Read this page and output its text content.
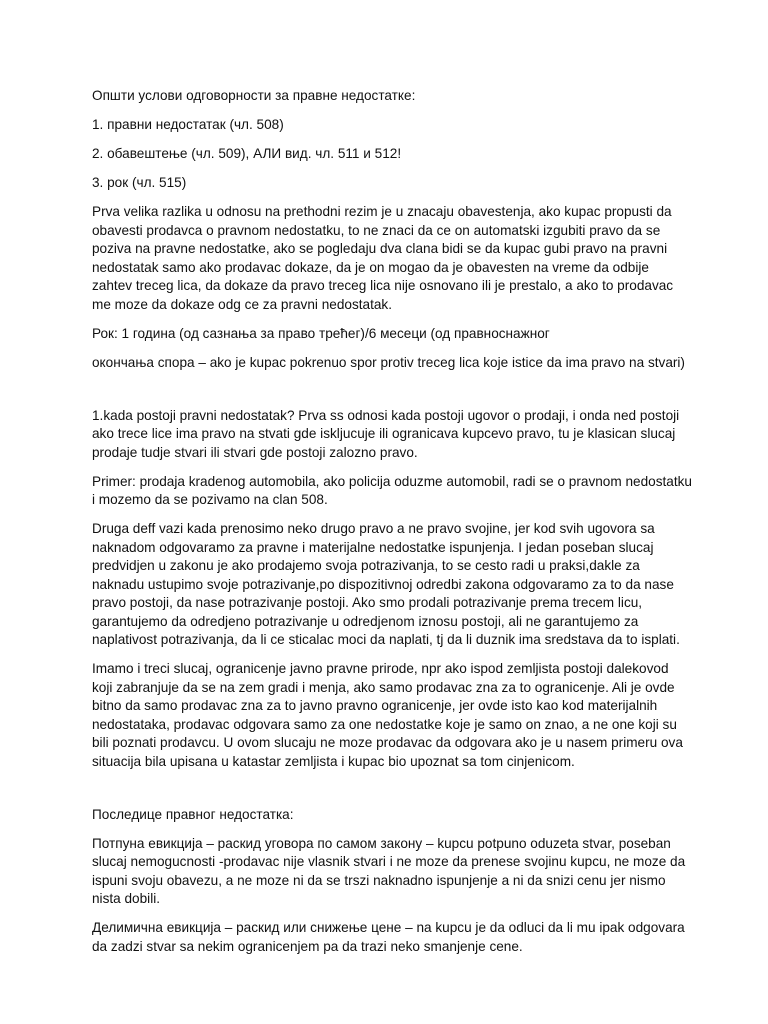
Општи услови одговорности за правне недостатке:

1. правни недостатак (чл. 508)

2. обавештење (чл. 509), АЛИ вид. чл. 511 и 512!

3. рок (чл. 515)

Prva velika razlika u odnosu na prethodni rezim je u znacaju obavestenja, ako kupac propusti da obavesti prodavca o pravnom nedostatku, to ne znaci da ce on automatski izgubiti pravo da se poziva na pravne nedostatke, ako se pogledaju dva clana bidi se da kupac gubi pravo na pravni nedostatak samo ako prodavac dokaze, da je on mogao da je obavesten na vreme da odbije zahtev treceg lica, da dokaze da pravo treceg lica nije osnovano ili je prestalo, a ako to prodavac me moze da dokaze odg ce za pravni nedostatak.

Рок: 1 година (од сазнања за право трећег)/6 месеци (од правноснажног

окончања спора – ako je kupac pokrenuo spor protiv treceg lica koje istice da ima pravo na stvari)

1.kada postoji pravni nedostatak? Prva ss odnosi kada postoji ugovor o prodaji, i onda ned postoji ako trece lice ima pravo na stvati gde iskljucuje ili ogranicava kupcevo pravo, tu je klasican slucaj prodaje tudje stvari ili stvari gde postoji zalozno pravo.

Primer: prodaja kradenog automobila, ako policija oduzme automobil, radi se o pravnom nedostatku i mozemo da se pozivamo na clan 508.

Druga deff vazi kada prenosimo neko drugo pravo a ne pravo svojine, jer kod svih ugovora sa naknadom odgovaramo za pravne i materijalne nedostatke ispunjenja. I jedan poseban slucaj predvidjen u zakonu je ako prodajemo svoja potrazivanja, to se cesto radi u praksi,dakle za naknadu ustupimo svoje potrazivanje,po dispozitivnoj odredbi zakona odgovaramo za to da nase pravo postoji, da nase potrazivanje postoji. Ako smo prodali potrazivanje prema trecem licu, garantujemo da odredjeno potrazivanje u odredjenom iznosu postoji, ali ne garantujemo za naplativost potrazivanja, da li ce sticalac moci da naplati, tj da li duznik ima sredstava da to isplati.

Imamo i treci slucaj, ogranicenje javno pravne prirode, npr ako ispod zemljista postoji dalekovod koji zabranjuje da se na zem gradi i menja, ako samo prodavac zna za to ogranicenje. Ali je ovde bitno da samo prodavac zna za to javno pravno ogranicenje, jer ovde isto kao kod materijalnih nedostataka, prodavac odgovara samo za one nedostatke koje je samo on znao, a ne one koji su bili poznati prodavcu. U ovom slucaju ne moze prodavac da odgovara ako je u nasem primeru ova situacija bila upisana u katastar zemljista i kupac bio upoznat sa tom cinjenicom.

Последице правног недостатка:

Потпуна евикција – раскид уговора по самом закону – kupcu potpuno oduzeta stvar, poseban slucaj nemogucnosti -prodavac nije vlasnik stvari i ne moze da prenese svojinu kupcu, ne moze da ispuni svoju obavezu, a ne moze ni da se trszi naknadno ispunjenje a ni da snizi cenu jer nismo nista dobili.

Делимична евикција – раскид или снижење цене – na kupcu je da odluci da li mu ipak odgovara da zadzi stvar sa nekim ogranicenjem pa da trazi neko smanjenje cene.
